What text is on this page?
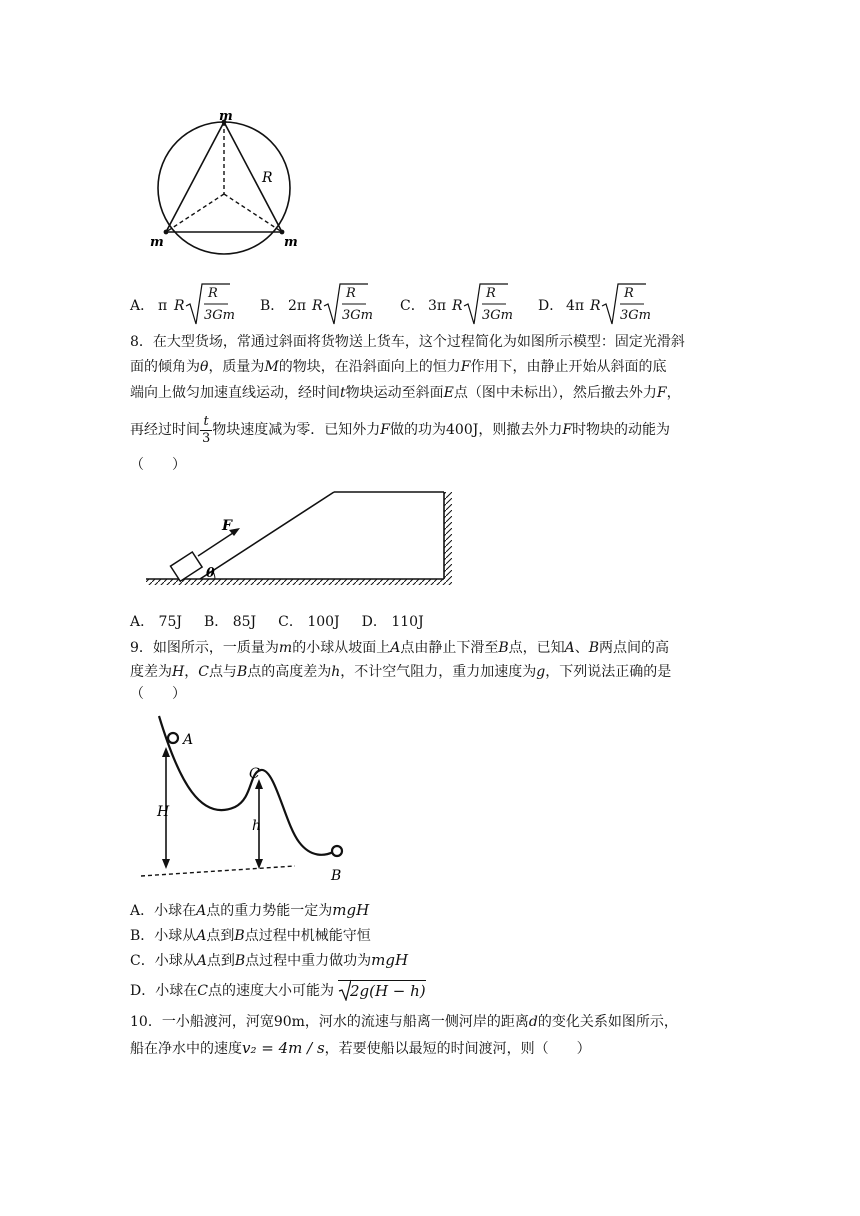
m
m	m
R
A． π R
R
3Gm
B． 2π R
R
3Gm
C． 3π R
R
3Gm
D． 4π R
R
3Gm
8．在大型货场，常通过斜面将货物送上货车，这个过程简化为如图所示模型：固定光滑斜
面的倾角为θ，质量为M的物块，在沿斜面向上的恒力F作用下，由静止开始从斜面的底
端向上做匀加速直线运动，经时间t物块运动至斜面E点（图中未标出），然后撤去外力F，
再经过时间 $\frac{t}{3}$ 物块速度减为零．已知外力F做的功为400J，则撤去外力F时物块的动能为
（　　）
F
θ
A． 75J B． 85J C． 100J D． 110J
9．如图所示，一质量为m的小球从坡面上A点由静止下滑至B点，已知A、B两点间的高
度差为H，C点与B点的高度差为h，不计空气阻力，重力加速度为g，下列说法正确的是
（　　）
A
C
H
h
B
A．小球在A点的重力势能一定为mgH
B．小球从A点到B点过程中机械能守恒
C．小球从A点到B点过程中重力做功为mgH
D．小球在C点的速度大小可能为 2g(H − h)
10．一小船渡河，河宽90m，河水的流速与船离一侧河岸的距离d的变化关系如图所示，
船在净水中的速度v₂ = 4m / s，若要使船以最短的时间渡河，则（　　）
